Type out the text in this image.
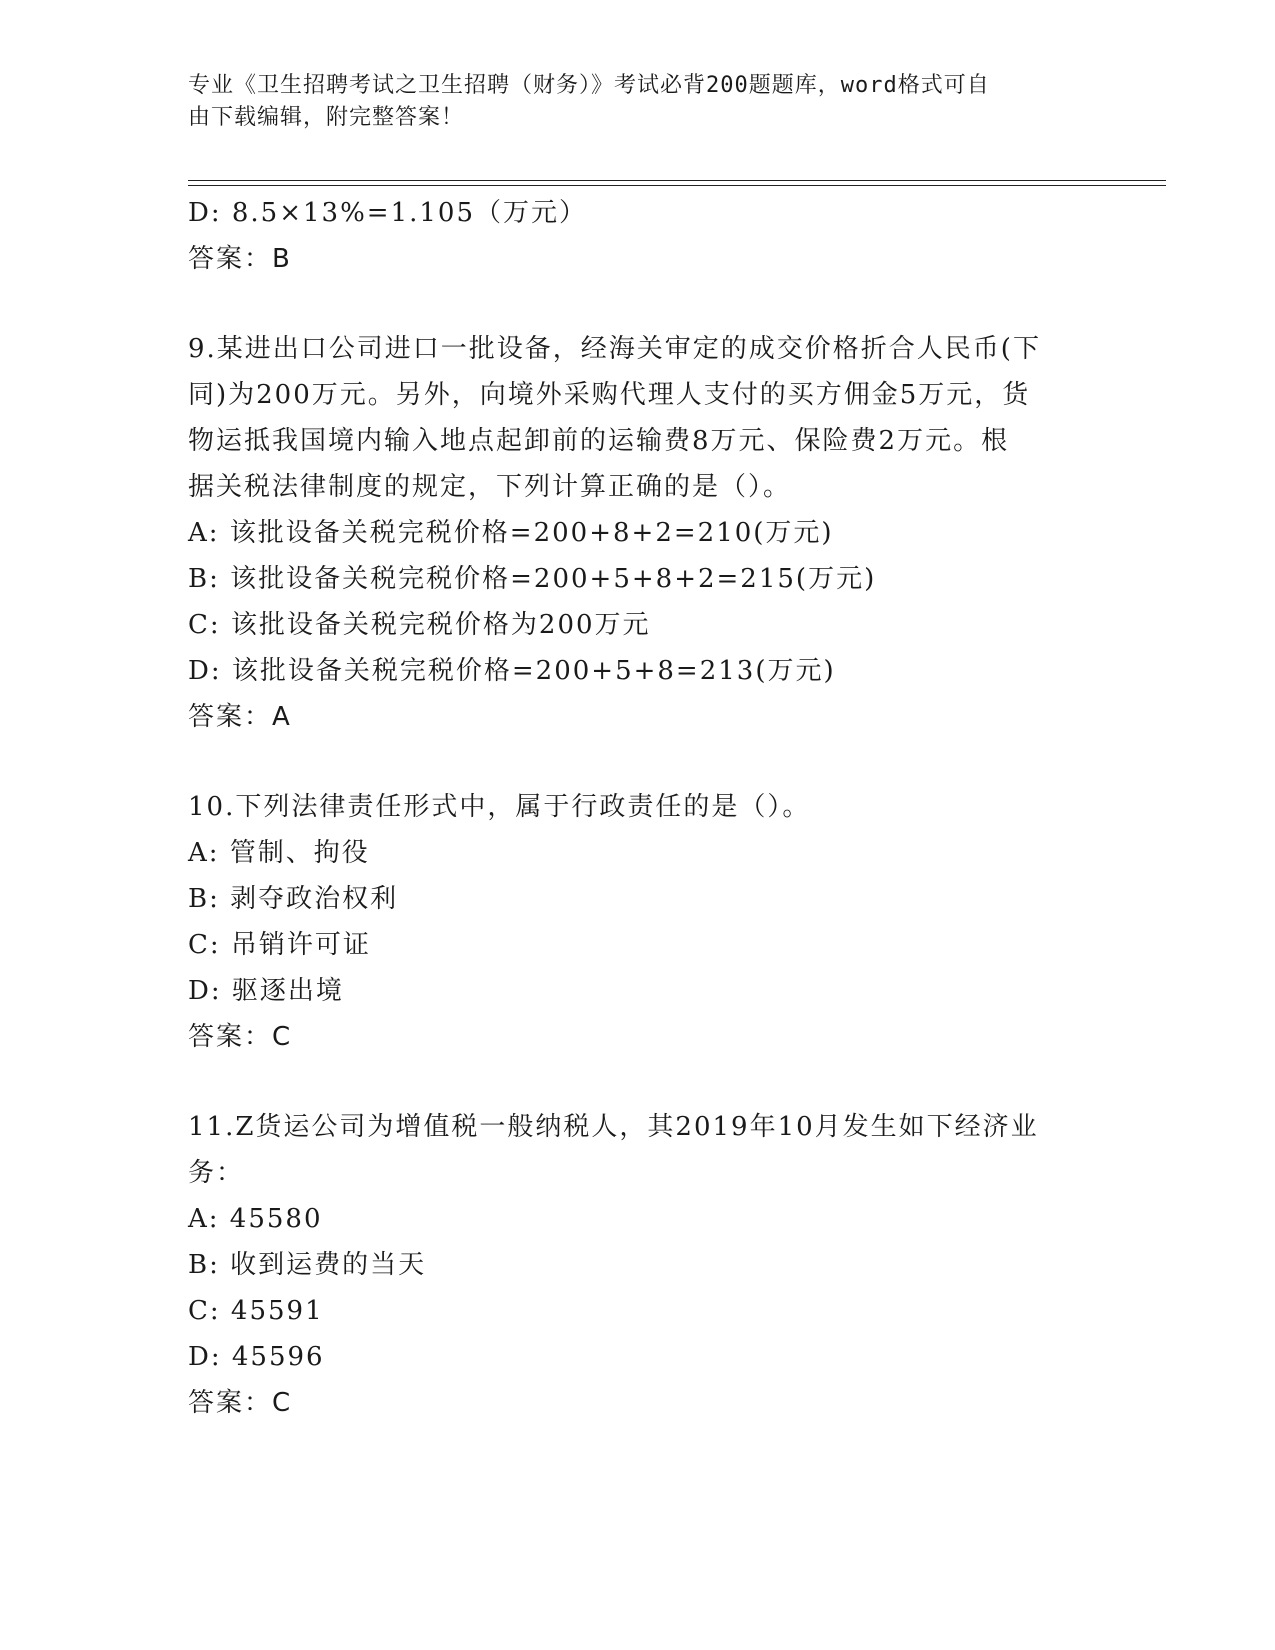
专业《卫生招聘考试之卫生招聘（财务）》考试必背200题题库，word格式可自
由下载编辑，附完整答案！
D: 8.5×13%=1.105（万元）
答案：B
9.某进出口公司进口一批设备，经海关审定的成交价格折合人民币(下
同)为200万元。另外，向境外采购代理人支付的买方佣金5万元，货
物运抵我国境内输入地点起卸前的运输费8万元、保险费2万元。根
据关税法律制度的规定，下列计算正确的是（）。
A: 该批设备关税完税价格=200+8+2=210(万元)
B: 该批设备关税完税价格=200+5+8+2=215(万元)
C: 该批设备关税完税价格为200万元
D: 该批设备关税完税价格=200+5+8=213(万元)
答案：A
10.下列法律责任形式中，属于行政责任的是（）。
A: 管制、拘役
B: 剥夺政治权利
C: 吊销许可证
D: 驱逐出境
答案：C
11.Z货运公司为增值税一般纳税人，其2019年10月发生如下经济业
务：
A: 45580
B: 收到运费的当天
C: 45591
D: 45596
答案：C
